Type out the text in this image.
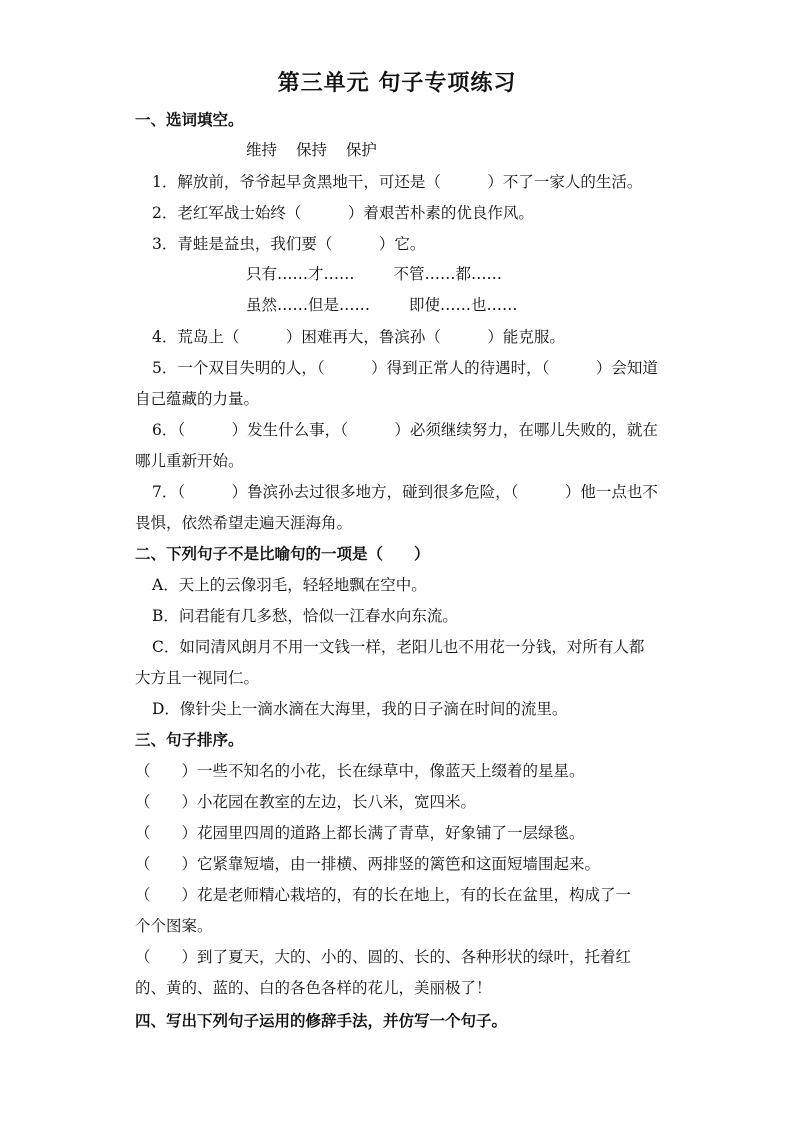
第三单元 句子专项练习
一、选词填空。
维持 保持 保护
1．解放前，爷爷起早贪黑地干，可还是（　　　）不了一家人的生活。
2．老红军战士始终（　　　）着艰苦朴素的优良作风。
3．青蛙是益虫，我们要（　　　）它。
只有……才……	不管……都……
虽然……但是……	即使……也……
4．荒岛上（　　　）困难再大，鲁滨孙（　　　）能克服。
5．一个双目失明的人，（　　　）得到正常人的待遇时，（　　　）会知道
自己蕴藏的力量。
6．（　　　）发生什么事，（　　　）必须继续努力，在哪儿失败的，就在
哪儿重新开始。
7．（　　　）鲁滨孙去过很多地方，碰到很多危险，（　　　）他一点也不
畏惧，依然希望走遍天涯海角。
二、下列句子不是比喻句的一项是（　　）
A．天上的云像羽毛，轻轻地飘在空中。
B．问君能有几多愁，恰似一江春水向东流。
C．如同清风朗月不用一文钱一样，老阳儿也不用花一分钱，对所有人都
大方且一视同仁。
D．像针尖上一滴水滴在大海里，我的日子滴在时间的流里。
三、句子排序。
（　　）一些不知名的小花，长在绿草中，像蓝天上缀着的星星。
（　　）小花园在教室的左边，长八米，宽四米。
（　　）花园里四周的道路上都长满了青草，好象铺了一层绿毯。
（　　）它紧靠短墙，由一排横、两排竖的篱笆和这面短墙围起来。
（　　）花是老师精心栽培的，有的长在地上，有的长在盆里，构成了一
个个图案。
（　　）到了夏天，大的、小的、圆的、长的、各种形状的绿叶，托着红
的、黄的、蓝的、白的各色各样的花儿，美丽极了！
四、写出下列句子运用的修辞手法，并仿写一个句子。
